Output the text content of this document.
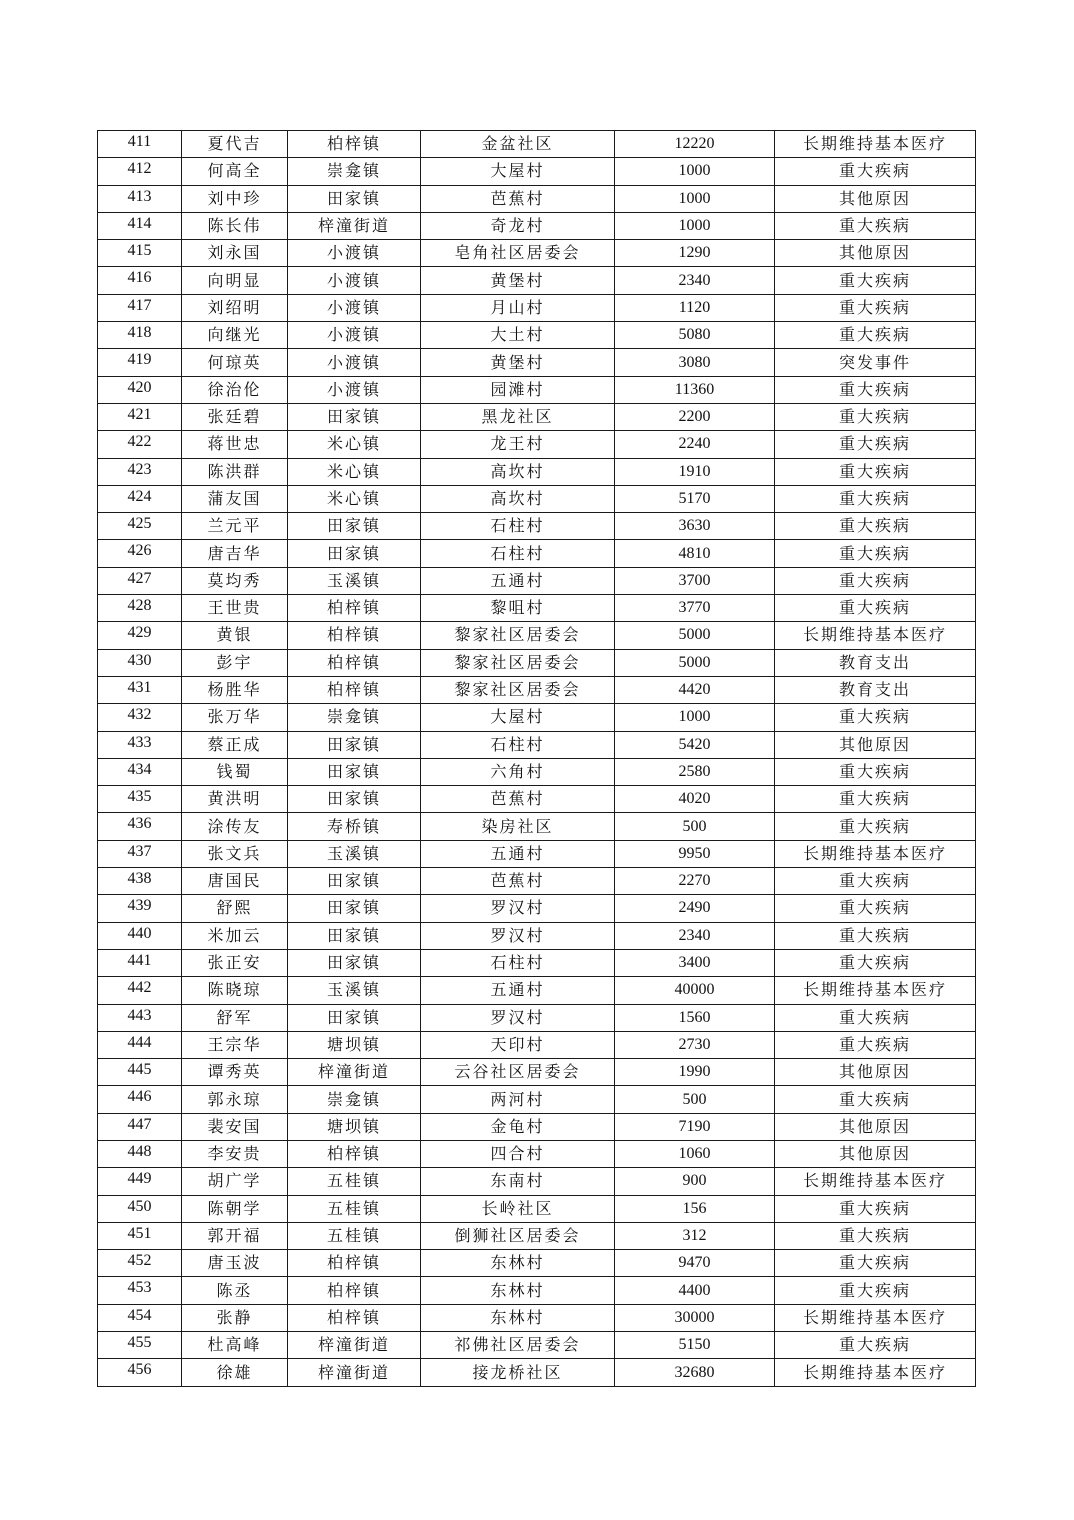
411	夏代吉	柏梓镇	金盆社区	12220	长期维持基本医疗
412	何高全	崇龛镇	大屋村	1000	重大疾病
413	刘中珍	田家镇	芭蕉村	1000	其他原因
414	陈长伟	梓潼街道	奇龙村	1000	重大疾病
415	刘永国	小渡镇	皂角社区居委会	1290	其他原因
416	向明显	小渡镇	黄堡村	2340	重大疾病
417	刘绍明	小渡镇	月山村	1120	重大疾病
418	向继光	小渡镇	大土村	5080	重大疾病
419	何琼英	小渡镇	黄堡村	3080	突发事件
420	徐治伦	小渡镇	园滩村	11360	重大疾病
421	张廷碧	田家镇	黑龙社区	2200	重大疾病
422	蒋世忠	米心镇	龙王村	2240	重大疾病
423	陈洪群	米心镇	高坎村	1910	重大疾病
424	蒲友国	米心镇	高坎村	5170	重大疾病
425	兰元平	田家镇	石柱村	3630	重大疾病
426	唐吉华	田家镇	石柱村	4810	重大疾病
427	莫均秀	玉溪镇	五通村	3700	重大疾病
428	王世贵	柏梓镇	黎咀村	3770	重大疾病
429	黄银	柏梓镇	黎家社区居委会	5000	长期维持基本医疗
430	彭宇	柏梓镇	黎家社区居委会	5000	教育支出
431	杨胜华	柏梓镇	黎家社区居委会	4420	教育支出
432	张万华	崇龛镇	大屋村	1000	重大疾病
433	蔡正成	田家镇	石柱村	5420	其他原因
434	钱蜀	田家镇	六角村	2580	重大疾病
435	黄洪明	田家镇	芭蕉村	4020	重大疾病
436	涂传友	寿桥镇	染房社区	500	重大疾病
437	张文兵	玉溪镇	五通村	9950	长期维持基本医疗
438	唐国民	田家镇	芭蕉村	2270	重大疾病
439	舒熙	田家镇	罗汉村	2490	重大疾病
440	米加云	田家镇	罗汉村	2340	重大疾病
441	张正安	田家镇	石柱村	3400	重大疾病
442	陈晓琼	玉溪镇	五通村	40000	长期维持基本医疗
443	舒军	田家镇	罗汉村	1560	重大疾病
444	王宗华	塘坝镇	天印村	2730	重大疾病
445	谭秀英	梓潼街道	云谷社区居委会	1990	其他原因
446	郭永琼	崇龛镇	两河村	500	重大疾病
447	裴安国	塘坝镇	金龟村	7190	其他原因
448	李安贵	柏梓镇	四合村	1060	其他原因
449	胡广学	五桂镇	东南村	900	长期维持基本医疗
450	陈朝学	五桂镇	长岭社区	156	重大疾病
451	郭开福	五桂镇	倒狮社区居委会	312	重大疾病
452	唐玉波	柏梓镇	东林村	9470	重大疾病
453	陈丞	柏梓镇	东林村	4400	重大疾病
454	张静	柏梓镇	东林村	30000	长期维持基本医疗
455	杜高峰	梓潼街道	祁佛社区居委会	5150	重大疾病
456	徐雄	梓潼街道	接龙桥社区	32680	长期维持基本医疗
